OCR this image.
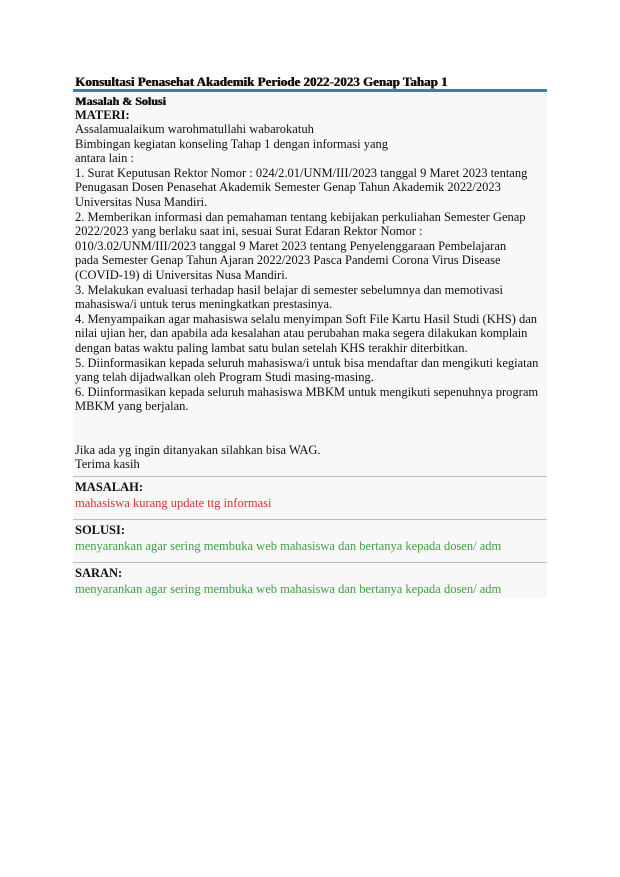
Konsultasi Penasehat Akademik Periode 2022-2023 Genap Tahap 1
Masalah & Solusi
MATERI:
Assalamualaikum warohmatullahi wabarokatuh
Bimbingan kegiatan konseling Tahap 1 dengan informasi yang
antara lain :
1. Surat Keputusan Rektor Nomor : 024/2.01/UNM/III/2023 tanggal 9 Maret 2023 tentang
Penugasan Dosen Penasehat Akademik Semester Genap Tahun Akademik 2022/2023
Universitas Nusa Mandiri.
2. Memberikan informasi dan pemahaman tentang kebijakan perkuliahan Semester Genap
2022/2023 yang berlaku saat ini, sesuai Surat Edaran Rektor Nomor :
010/3.02/UNM/III/2023 tanggal 9 Maret 2023 tentang Penyelenggaraan Pembelajaran
pada Semester Genap Tahun Ajaran 2022/2023 Pasca Pandemi Corona Virus Disease
(COVID-19) di Universitas Nusa Mandiri.
3. Melakukan evaluasi terhadap hasil belajar di semester sebelumnya dan memotivasi
mahasiswa/i untuk terus meningkatkan prestasinya.
4. Menyampaikan agar mahasiswa selalu menyimpan Soft File Kartu Hasil Studi (KHS) dan
nilai ujian her, dan apabila ada kesalahan atau perubahan maka segera dilakukan komplain
dengan batas waktu paling lambat satu bulan setelah KHS terakhir diterbitkan.
5. Diinformasikan kepada seluruh mahasiswa/i untuk bisa mendaftar dan mengikuti kegiatan
yang telah dijadwalkan oleh Program Studi masing-masing.
6. Diinformasikan kepada seluruh mahasiswa MBKM untuk mengikuti sepenuhnya program
MBKM yang berjalan.
Jika ada yg ingin ditanyakan silahkan bisa WAG.
Terima kasih
MASALAH:
mahasiswa kurang update ttg informasi
SOLUSI:
menyarankan agar sering membuka web mahasiswa dan bertanya kepada dosen/ adm
SARAN:
menyarankan agar sering membuka web mahasiswa dan bertanya kepada dosen/ adm
